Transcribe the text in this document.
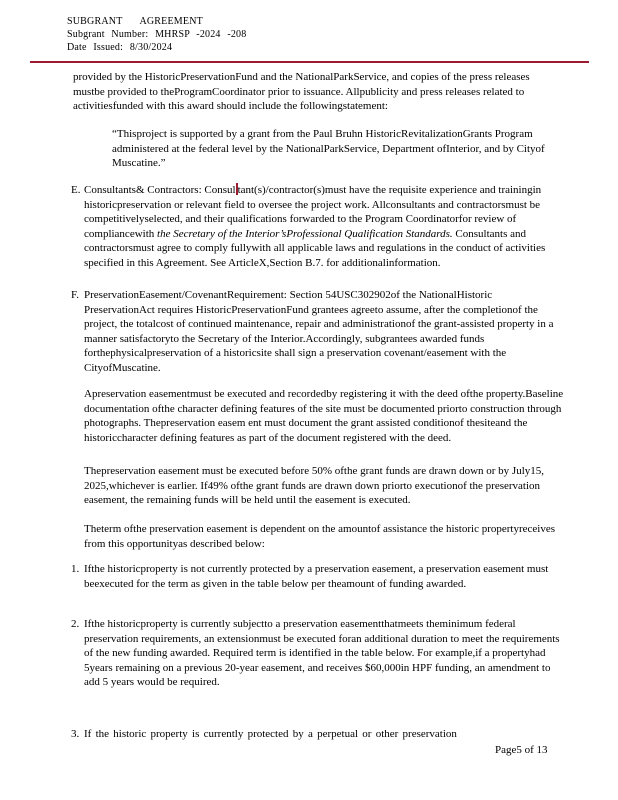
SUBGRANT AGREEMENT
Subgrant Number: MHRSP -2024 -208
Date Issued: 8/30/2024

provided by the HistoricPreservationFund and the NationalParkService, and copies of the press releases mustbe provided to theProgramCoordinator prior to issuance. Allpublicity and press releases related to activitiesfunded with this award should include the followingstatement:

“Thisproject is supported by a grant from the Paul Bruhn HistoricRevitalizationGrants Program administered at the federal level by the NationalParkService, Department ofInterior, and by Cityof Muscatine.”

E. Consultants& Contractors: Consul tant(s)/contractor(s)must have the requisite experience and trainingin historicpreservation or relevant field to oversee the project work. Allconsultants and contractorsmust be competitivelyselected, and their qualifications forwarded to the Program Coordinatorfor review of compliancewith the Secretary of the Interior’sProfessional Qualification Standards. Consultants and contractorsmust agree to comply fullywith all applicable laws and regulations in the conduct of activities specified in this Agreement. See ArticleX,Section B.7. for additionalinformation.
F. PreservationEasement/CovenantRequirement: Section 54USC302902of the NationalHistoric PreservationAct requires HistoricPreservationFund grantees agreeto assume, after the completionof the project, the totalcost of continued maintenance, repair and administrationof the grant-assisted property in a manner satisfactoryto the Secretary of the Interior.Accordingly, subgrantees awarded funds forthephysicalpreservation of a historicsite shall sign a preservation covenant/easement with the CityofMuscatine.

Apreservation easementmust be executed and recordedby registering it with the deed ofthe property.Baseline documentation ofthe character defining features of the site must be documented priorto construction through photographs. Thepreservation easem ent must document the grant assisted conditionof thesiteand the historiccharacter defining features as part of the document registered with the deed.

Thepreservation easement must be executed before 50% ofthe grant funds are drawn down or by July15, 2025,whichever is earlier. If49% ofthe grant funds are drawn down priorto executionof the preservation easement, the remaining funds will be held until the easement is executed.

Theterm ofthe preservation easement is dependent on the amountof assistance the historic propertyreceives from this opportunityas described below:

1. Ifthe historicproperty is not currently protected by a preservation easement, a preservation easement must beexecuted for the term as given in the table below per theamount of funding awarded.
2. Ifthe historicproperty is currently subjectto a preservation easementthatmeets theminimum federal preservation requirements, an extensionmust be executed foran additional duration to meet the requirements of the new funding awarded. Required term is identified in the table below. For example,if a propertyhad 5years remaining on a previous 20-year easement, and receives $60,000in HPF funding, an amendment to add 5 years would be required.
3. If the historic property is currently protected by a perpetual or other preservation
Page5 of 13
